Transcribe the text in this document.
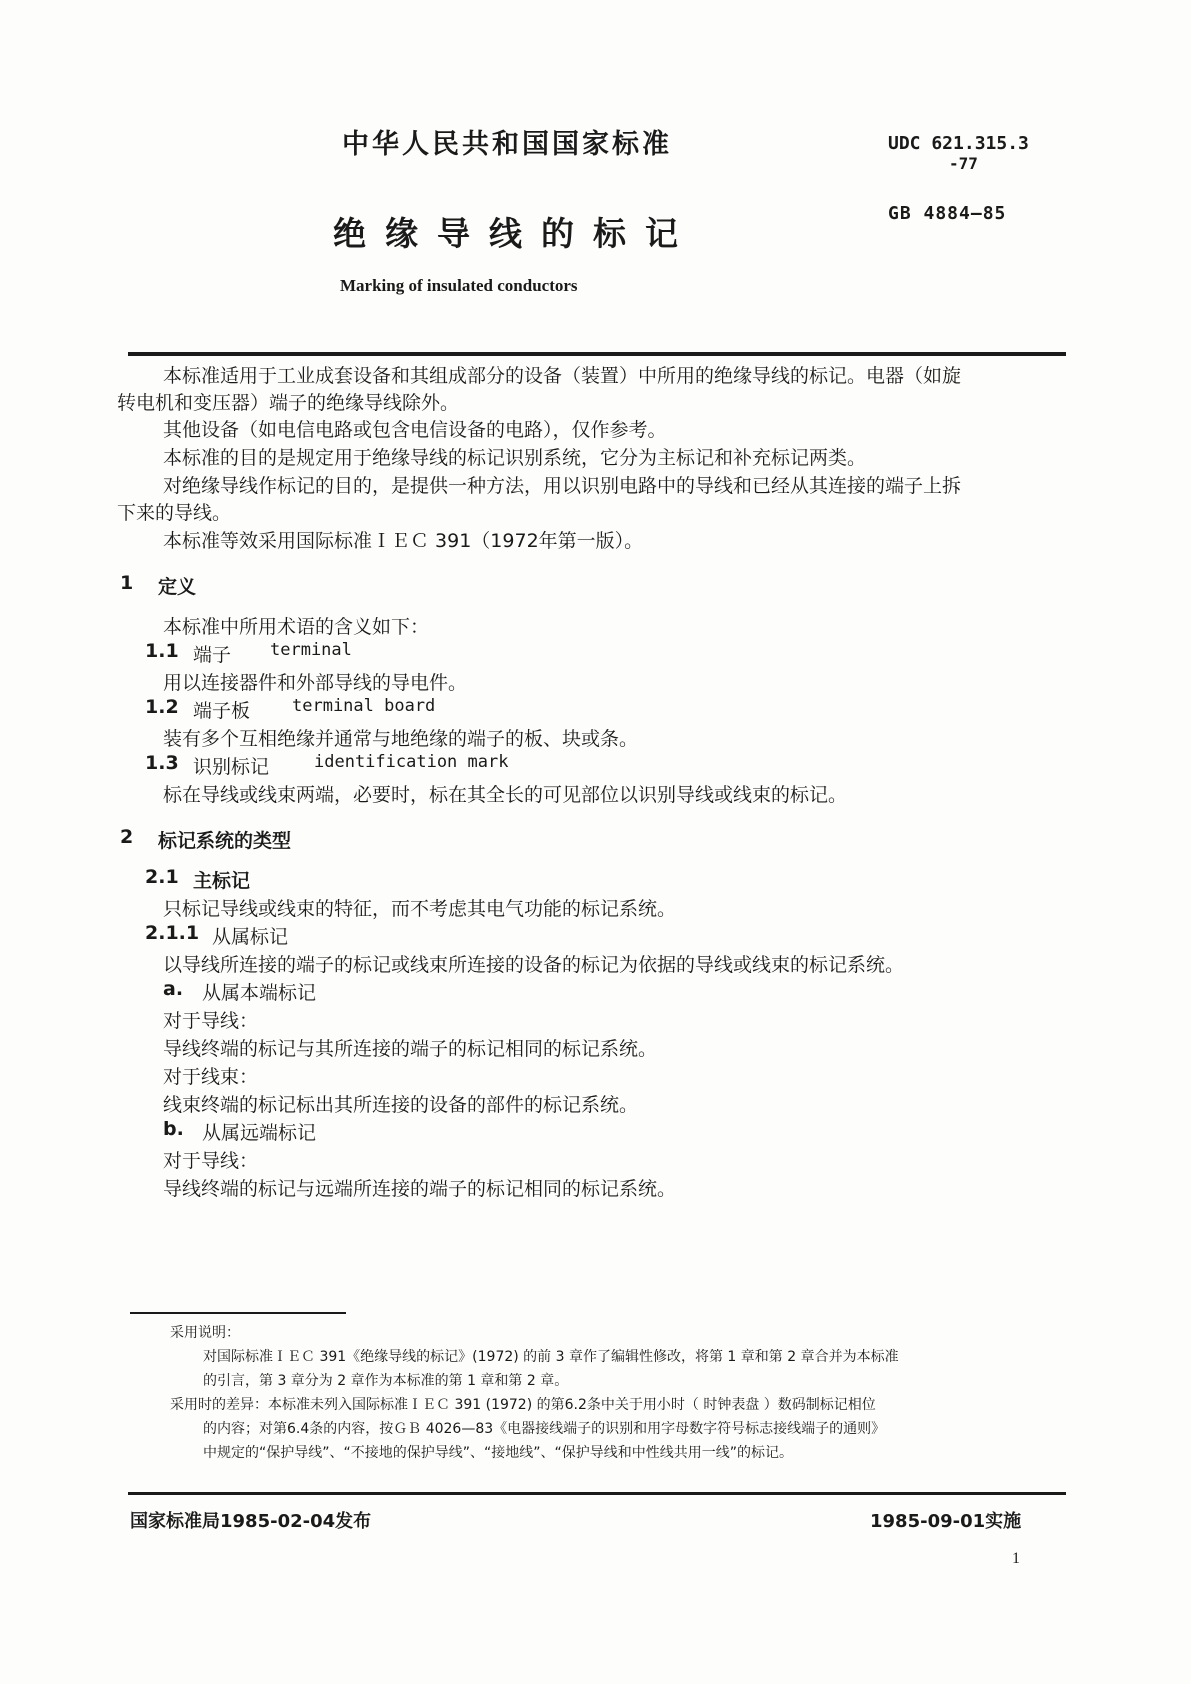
中华人民共和国国家标准	UDC 621.315.3
-77
GB 4884—85
绝缘导线的标记
Marking of insulated conductors
本标准适用于工业成套设备和其组成部分的设备（装置）中所用的绝缘导线的标记。电器（如旋
转电机和变压器）端子的绝缘导线除外。
其他设备（如电信电路或包含电信设备的电路），仅作参考。
本标准的目的是规定用于绝缘导线的标记识别系统，它分为主标记和补充标记两类。
对绝缘导线作标记的目的，是提供一种方法，用以识别电路中的导线和已经从其连接的端子上拆
下来的导线。
本标准等效采用国际标准ＩＥＣ 391（1972年第一版）。
1 定义
本标准中所用术语的含义如下：
1.1 端子 terminal
用以连接器件和外部导线的导电件。
1.2 端子板 terminal board
装有多个互相绝缘并通常与地绝缘的端子的板、块或条。
1.3 识别标记	identification mark
标在导线或线束两端，必要时，标在其全长的可见部位以识别导线或线束的标记。
2 标记系统的类型
2.1 主标记
只标记导线或线束的特征，而不考虑其电气功能的标记系统。
2.1.1 从属标记
以导线所连接的端子的标记或线束所连接的设备的标记为依据的导线或线束的标记系统。
a. 从属本端标记
对于导线：
导线终端的标记与其所连接的端子的标记相同的标记系统。
对于线束：
线束终端的标记标出其所连接的设备的部件的标记系统。
b. 从属远端标记
对于导线：
导线终端的标记与远端所连接的端子的标记相同的标记系统。
采用说明：
对国际标准ＩＥＣ 391《绝缘导线的标记》(1972) 的前 3 章作了编辑性修改，将第 1 章和第 2 章合并为本标准
的引言，第 3 章分为 2 章作为本标准的第 1 章和第 2 章。
采用时的差异：本标准未列入国际标准ＩＥＣ 391 (1972) 的第6.2条中关于用小时（ 时钟表盘 ）数码制标记相位
的内容；对第6.4条的内容，按ＧＢ 4026—83《电器接线端子的识别和用字母数字符号标志接线端子的通则》
中规定的“保护导线”、“不接地的保护导线”、“接地线”、“保护导线和中性线共用一线”的标记。
国家标准局1985-02-04发布	1985-09-01实施
1
